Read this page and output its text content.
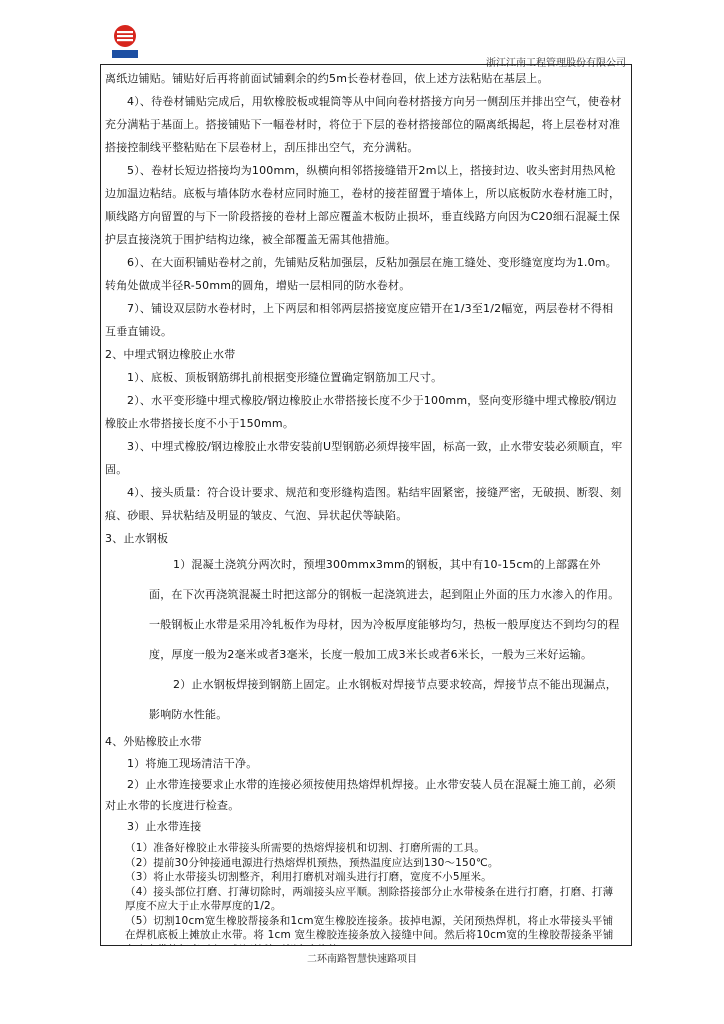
浙江江南工程管理股份有限公司

离纸边铺贴。铺贴好后再将前面试铺剩余的约5m长卷材卷回，依上述方法粘贴在基层上。

4）、待卷材铺贴完成后，用软橡胶板或辊筒等从中间向卷材搭接方向另一侧刮压并排出空气，使卷材充分满粘于基面上。搭接铺贴下一幅卷材时，将位于下层的卷材搭接部位的隔离纸揭起，将上层卷材对准搭接控制线平整粘贴在下层卷材上，刮压排出空气，充分满粘。

5）、卷材长短边搭接均为100mm，纵横向相邻搭接缝错开2m以上，搭接封边、收头密封用热风枪边加温边粘结。底板与墙体防水卷材应同时施工，卷材的接茬留置于墙体上，所以底板防水卷材施工时，顺线路方向留置的与下一阶段搭接的卷材上部应覆盖木板防止损坏，垂直线路方向因为C20细石混凝土保护层直接浇筑于围护结构边缘，被全部覆盖无需其他措施。

6）、在大面积铺贴卷材之前，先铺贴反粘加强层，反粘加强层在施工缝处、变形缝宽度均为1.0m。转角处做成半径R-50mm的圆角，增贴一层相同的防水卷材。

7）、铺设双层防水卷材时，上下两层和相邻两层搭接宽度应错开在1/3至1/2幅宽，两层卷材不得相互垂直铺设。

2、中埋式钢边橡胶止水带

1）、底板、顶板钢筋绑扎前根据变形缝位置确定钢筋加工尺寸。

2）、水平变形缝中埋式橡胶/钢边橡胶止水带搭接长度不少于100mm，竖向变形缝中埋式橡胶/钢边橡胶止水带搭接长度不小于150mm。

3）、中埋式橡胶/钢边橡胶止水带安装前U型钢筋必须焊接牢固，标高一致，止水带安装必须顺直，牢固。

4）、接头质量：符合设计要求、规范和变形缝构造图。粘结牢固紧密，接缝严密，无破损、断裂、刻痕、砂眼、异状粘结及明显的皱皮、气泡、异状起伏等缺陷。

3、止水钢板

1）混凝土浇筑分两次时，预埋300mmx3mm的钢板，其中有10-15cm的上部露在外面，在下次再浇筑混凝土时把这部分的钢板一起浇筑进去，起到阻止外面的压力水渗入的作用。一般钢板止水带是采用冷轧板作为母材，因为冷板厚度能够均匀，热板一般厚度达不到均匀的程度，厚度一般为2毫米或者3毫米，长度一般加工成3米长或者6米长，一般为三米好运输。

2）止水钢板焊接到钢筋上固定。止水钢板对焊接节点要求较高，焊接节点不能出现漏点，影响防水性能。

4、外贴橡胶止水带

1）将施工现场清洁干净。

2）止水带连接要求止水带的连接必须按使用热熔焊机焊接。止水带安装人员在混凝土施工前，必须对止水带的长度进行检查。

3）止水带连接

（1）准备好橡胶止水带接头所需要的热熔焊接机和切割、打磨所需的工具。

（2）提前30分钟接通电源进行热熔焊机预热，预热温度应达到130～150℃。

（3）将止水带接头切割整齐，利用打磨机对端头进行打磨，宽度不小5厘米。

（4）接头部位打磨、打薄切除时，两端接头应平顺。割除搭接部分止水带棱条在进行打磨，打磨、打薄厚度不应大于止水带厚度的1/2。

（5）切割10cm宽生橡胶帮接条和1cm宽生橡胶连接条。拔掉电源，关闭预热焊机，将止水带接头平铺在焊机底板上摊放止水带。将 1cm 宽生橡胶连接条放入接缝中间。然后将10cm宽的生橡胶帮接条平铺

二环南路智慧快速路项目
